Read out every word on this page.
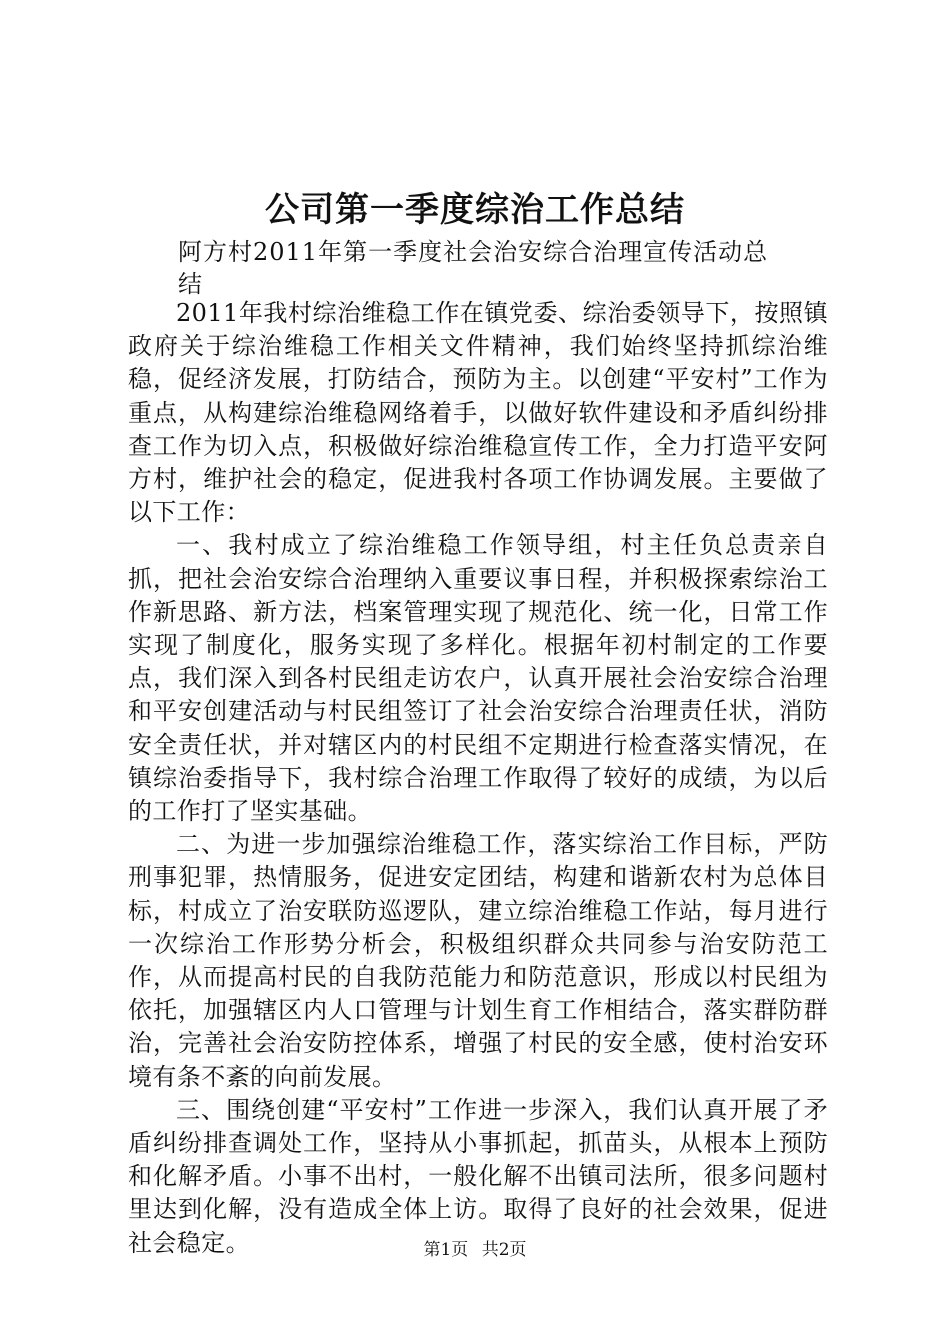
公司第一季度综治工作总结
阿方村2011年第一季度社会治安综合治理宣传活动总结

2011年我村综治维稳工作在镇党委、综治委领导下，按照镇政府关于综治维稳工作相关文件精神，我们始终坚持抓综治维稳，促经济发展，打防结合，预防为主。以创建“平安村”工作为重点，从构建综治维稳网络着手，以做好软件建设和矛盾纠纷排查工作为切入点，积极做好综治维稳宣传工作，全力打造平安阿方村，维护社会的稳定，促进我村各项工作协调发展。主要做了以下工作：

一、我村成立了综治维稳工作领导组，村主任负总责亲自抓，把社会治安综合治理纳入重要议事日程，并积极探索综治工作新思路、新方法，档案管理实现了规范化、统一化，日常工作实现了制度化，服务实现了多样化。根据年初村制定的工作要点，我们深入到各村民组走访农户，认真开展社会治安综合治理和平安创建活动与村民组签订了社会治安综合治理责任状，消防安全责任状，并对辖区内的村民组不定期进行检查落实情况，在镇综治委指导下，我村综合治理工作取得了较好的成绩，为以后的工作打了坚实基础。

二、为进一步加强综治维稳工作，落实综治工作目标，严防刑事犯罪，热情服务，促进安定团结，构建和谐新农村为总体目标，村成立了治安联防巡逻队，建立综治维稳工作站，每月进行一次综治工作形势分析会，积极组织群众共同参与治安防范工作，从而提高村民的自我防范能力和防范意识，形成以村民组为依托，加强辖区内人口管理与计划生育工作相结合，落实群防群治，完善社会治安防控体系，增强了村民的安全感，使村治安环境有条不紊的向前发展。

三、围绕创建“平安村”工作进一步深入，我们认真开展了矛盾纠纷排查调处工作，坚持从小事抓起，抓苗头，从根本上预防和化解矛盾。小事不出村，一般化解不出镇司法所，很多问题村里达到化解，没有造成全体上访。取得了良好的社会效果，促进社会稳定。	第1页 共2页
